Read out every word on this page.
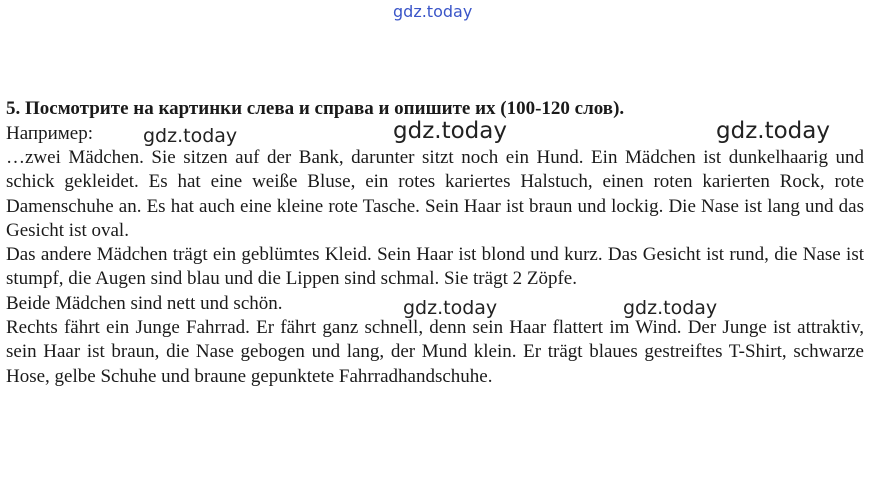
gdz.today

5. Посмотрите на картинки слева и справа и опишите их (100-120 слов).

Например:

…zwei Mädchen. Sie sitzen auf der Bank, darunter sitzt noch ein Hund. Ein Mädchen ist dunkelhaarig und schick gekleidet. Es hat eine weiße Bluse, ein rotes kariertes Halstuch, einen roten karierten Rock, rote Damenschuhe an. Es hat auch eine kleine rote Tasche. Sein Haar ist braun und lockig. Die Nase ist lang und das Gesicht ist oval.

Das andere Mädchen trägt ein geblümtes Kleid. Sein Haar ist blond und kurz. Das Gesicht ist rund, die Nase ist stumpf, die Augen sind blau und die Lippen sind schmal. Sie trägt 2 Zöpfe.

Beide Mädchen sind nett und schön.

Rechts fährt ein Junge Fahrrad. Er fährt ganz schnell, denn sein Haar flattert im Wind. Der Junge ist attraktiv, sein Haar ist braun, die Nase gebogen und lang, der Mund klein. Er trägt blaues gestreiftes T-Shirt, schwarze Hose, gelbe Schuhe und braune gepunktete Fahrradhandschuhe.

gdz.today	gdz.today	gdz.today
gdz.today	gdz.today
